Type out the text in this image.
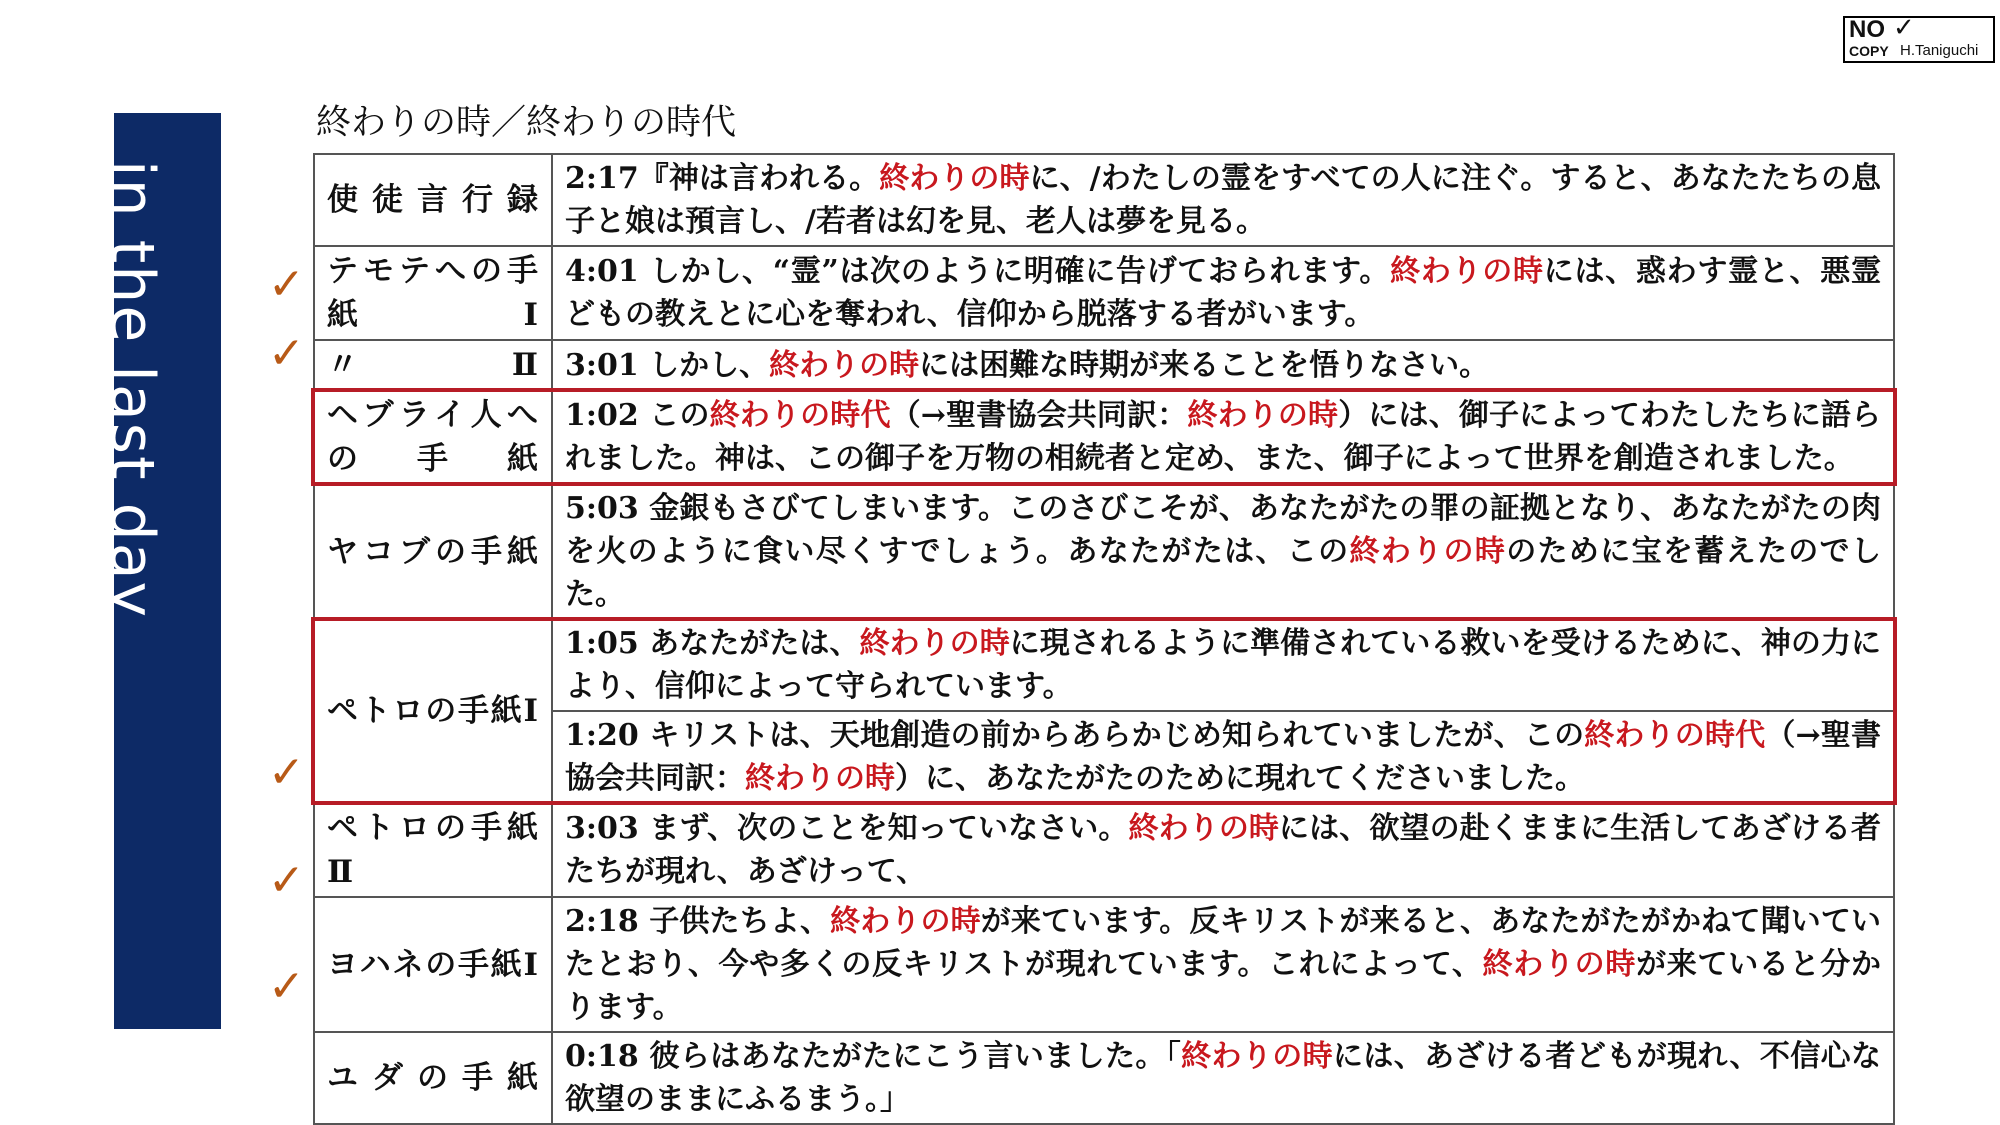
in the last day
NO ✓
COPY H.Taniguchi
終わりの時／終わりの時代
✓
✓
✓
✓
✓
使徒言行録	2:17『神は言われる。終わりの時に、/わたしの霊をすべての人に注ぐ。すると、あなたたちの息子と娘は預言し、/若者は幻を見、老人は夢を見る。

テモテへの手紙Ⅰ	4:01 しかし、“霊”は次のように明確に告げておられます。終わりの時には、惑わす霊と、悪霊どもの教えとに心を奪われ、信仰から脱落する者がいます。

〃　　　Ⅱ	3:01 しかし、終わりの時には困難な時期が来ることを悟りなさい。

ヘブライ人への手紙	1:02 この終わりの時代（→聖書協会共同訳：終わりの時）には、御子によってわたしたちに語られました。神は、この御子を万物の相続者と定め、また、御子によって世界を創造されました。

ヤコブの手紙	5:03 金銀もさびてしまいます。このさびこそが、あなたがたの罪の証拠となり、あなたがたの肉を火のように食い尽くすでしょう。あなたがたは、この終わりの時のために宝を蓄えたのでした。

ペトロの手紙Ⅰ	1:05 あなたがたは、終わりの時に現されるように準備されている救いを受けるために、神の力により、信仰によって守られています。
	1:20 キリストは、天地創造の前からあらかじめ知られていましたが、この終わりの時代（→聖書協会共同訳：終わりの時）に、あなたがたのために現れてくださいました。

ペトロの手紙Ⅱ	3:03 まず、次のことを知っていなさい。終わりの時には、欲望の赴くままに生活してあざける者たちが現れ、あざけって、

ヨハネの手紙Ⅰ	2:18 子供たちよ、終わりの時が来ています。反キリストが来ると、あなたがたがかねて聞いていたとおり、今や多くの反キリストが現れています。これによって、終わりの時が来ていると分かります。

ユダの手紙	0:18 彼らはあなたがたにこう言いました。「終わりの時には、あざける者どもが現れ、不信心な欲望のままにふるまう。」
